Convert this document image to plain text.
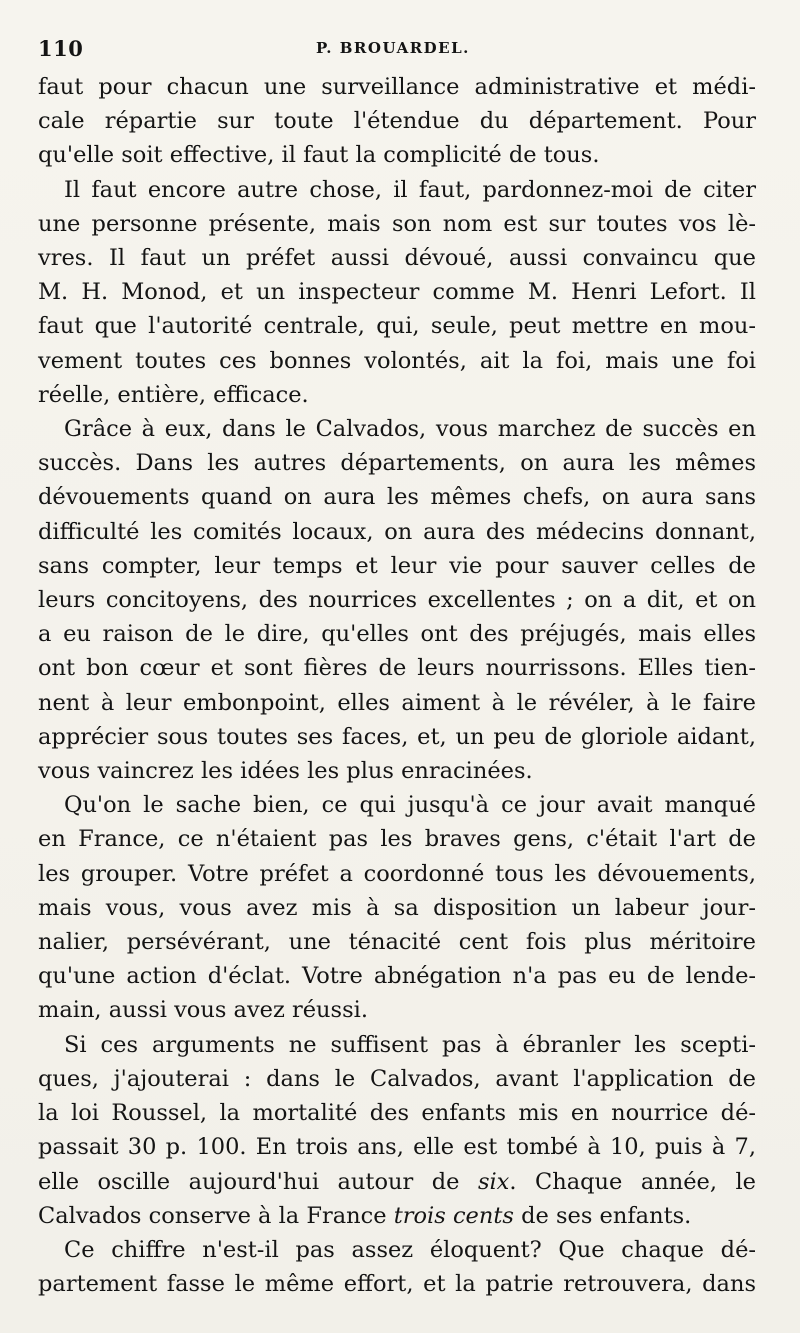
110	P. BROUARDEL.

faut pour chacun une surveillance administrative et médi-
cale répartie sur toute l'étendue du département. Pour
qu'elle soit effective, il faut la complicité de tous.

Il faut encore autre chose, il faut, pardonnez-moi de citer
une personne présente, mais son nom est sur toutes vos lè-
vres. Il faut un préfet aussi dévoué, aussi convaincu que
M. H. Monod, et un inspecteur comme M. Henri Lefort. Il
faut que l'autorité centrale, qui, seule, peut mettre en mou-
vement toutes ces bonnes volontés, ait la foi, mais une foi
réelle, entière, efficace.

Grâce à eux, dans le Calvados, vous marchez de succès en
succès. Dans les autres départements, on aura les mêmes
dévouements quand on aura les mêmes chefs, on aura sans
difficulté les comités locaux, on aura des médecins donnant,
sans compter, leur temps et leur vie pour sauver celles de
leurs concitoyens, des nourrices excellentes ; on a dit, et on
a eu raison de le dire, qu'elles ont des préjugés, mais elles
ont bon cœur et sont fières de leurs nourrissons. Elles tien-
nent à leur embonpoint, elles aiment à le révéler, à le faire
apprécier sous toutes ses faces, et, un peu de gloriole aidant,
vous vaincrez les idées les plus enracinées.

Qu'on le sache bien, ce qui jusqu'à ce jour avait manqué
en France, ce n'étaient pas les braves gens, c'était l'art de
les grouper. Votre préfet a coordonné tous les dévouements,
mais vous, vous avez mis à sa disposition un labeur jour-
nalier, persévérant, une ténacité cent fois plus méritoire
qu'une action d'éclat. Votre abnégation n'a pas eu de lende-
main, aussi vous avez réussi.

Si ces arguments ne suffisent pas à ébranler les scepti-
ques, j'ajouterai : dans le Calvados, avant l'application de
la loi Roussel, la mortalité des enfants mis en nourrice dé-
passait 30 p. 100. En trois ans, elle est tombé à 10, puis à 7,
elle oscille aujourd'hui autour de six. Chaque année, le
Calvados conserve à la France trois cents de ses enfants.

Ce chiffre n'est-il pas assez éloquent? Que chaque dé-
partement fasse le même effort, et la patrie retrouvera, dans
